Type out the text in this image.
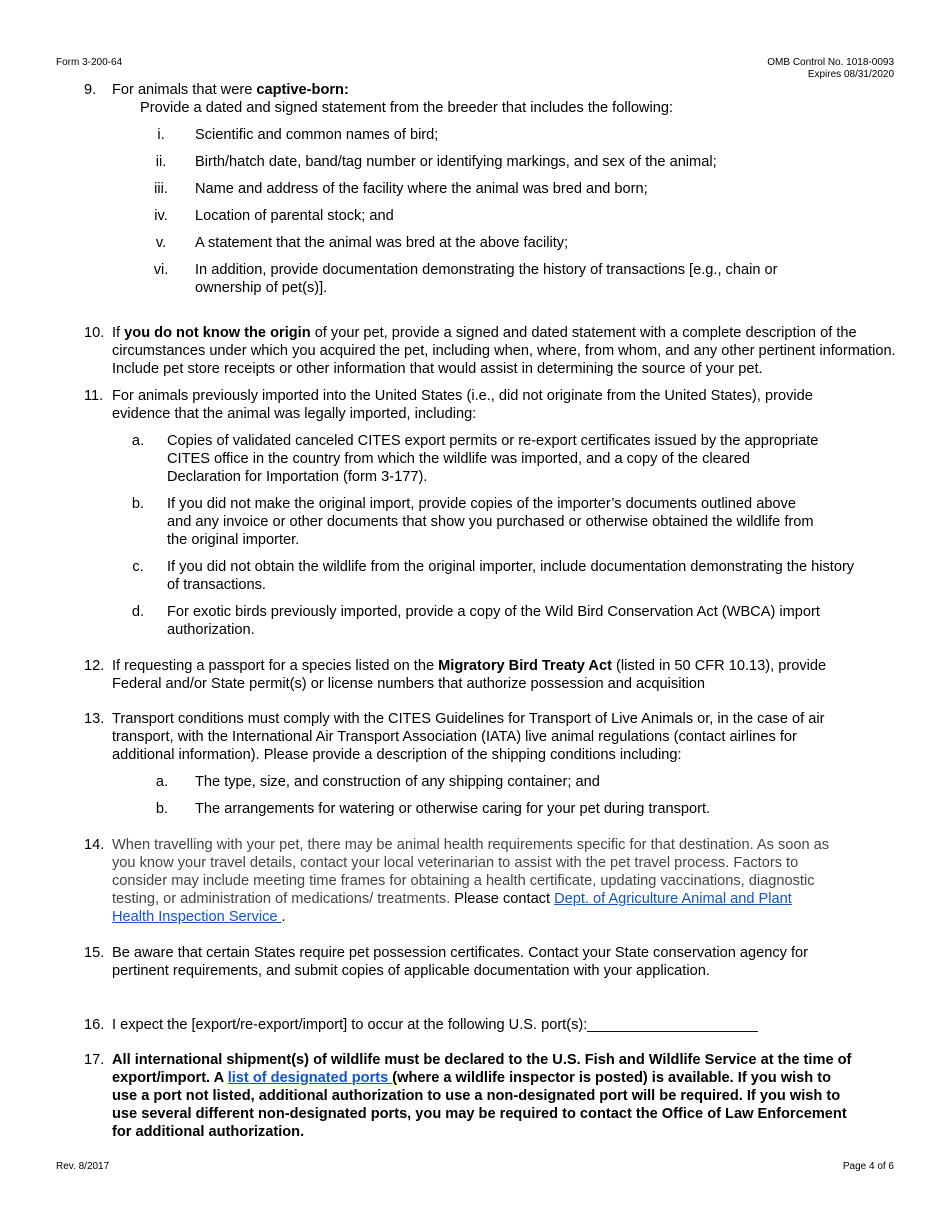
Form 3-200-64	OMB Control No. 1018-0093
Expires 08/31/2020
9. For animals that were captive-born:
Provide a dated and signed statement from the breeder that includes the following:
i.	Scientific and common names of bird;
ii.	Birth/hatch date, band/tag number or identifying markings, and sex of the animal;
iii.	Name and address of the facility where the animal was bred and born;
iv.	Location of parental stock; and
v.	A statement that the animal was bred at the above facility;
vi.	In addition, provide documentation demonstrating the history of transactions [e.g., chain or ownership of pet(s)].
10. If you do not know the origin of your pet, provide a signed and dated statement with a complete description of the circumstances under which you acquired the pet, including when, where, from whom, and any other pertinent information. Include pet store receipts or other information that would assist in determining the source of your pet.
11. For animals previously imported into the United States (i.e., did not originate from the United States), provide evidence that the animal was legally imported, including:
a.	Copies of validated canceled CITES export permits or re-export certificates issued by the appropriate CITES office in the country from which the wildlife was imported, and a copy of the cleared Declaration for Importation (form 3-177).
b.	If you did not make the original import, provide copies of the importer’s documents outlined above and any invoice or other documents that show you purchased or otherwise obtained the wildlife from the original importer.
c.	If you did not obtain the wildlife from the original importer, include documentation demonstrating the history of transactions.
d.	For exotic birds previously imported, provide a copy of the Wild Bird Conservation Act (WBCA) import authorization.
12. If requesting a passport for a species listed on the Migratory Bird Treaty Act (listed in 50 CFR 10.13), provide Federal and/or State permit(s) or license numbers that authorize possession and acquisition
13. Transport conditions must comply with the CITES Guidelines for Transport of Live Animals or, in the case of air transport, with the International Air Transport Association (IATA) live animal regulations (contact airlines for additional information). Please provide a description of the shipping conditions including:
a.	The type, size, and construction of any shipping container; and
b.	The arrangements for watering or otherwise caring for your pet during transport.
14. When travelling with your pet, there may be animal health requirements specific for that destination. As soon as you know your travel details, contact your local veterinarian to assist with the pet travel process. Factors to consider may include meeting time frames for obtaining a health certificate, updating vaccinations, diagnostic testing, or administration of medications/ treatments. Please contact Dept. of Agriculture Animal and Plant Health Inspection Service .
15. Be aware that certain States require pet possession certificates. Contact your State conservation agency for pertinent requirements, and submit copies of applicable documentation with your application.
16. I expect the [export/re-export/import] to occur at the following U.S. port(s):_____________________
17. All international shipment(s) of wildlife must be declared to the U.S. Fish and Wildlife Service at the time of export/import. A list of designated ports (where a wildlife inspector is posted) is available. If you wish to use a port not listed, additional authorization to use a non-designated port will be required. If you wish to use several different non-designated ports, you may be required to contact the Office of Law Enforcement for additional authorization.
Rev. 8/2017	Page 4 of 6
